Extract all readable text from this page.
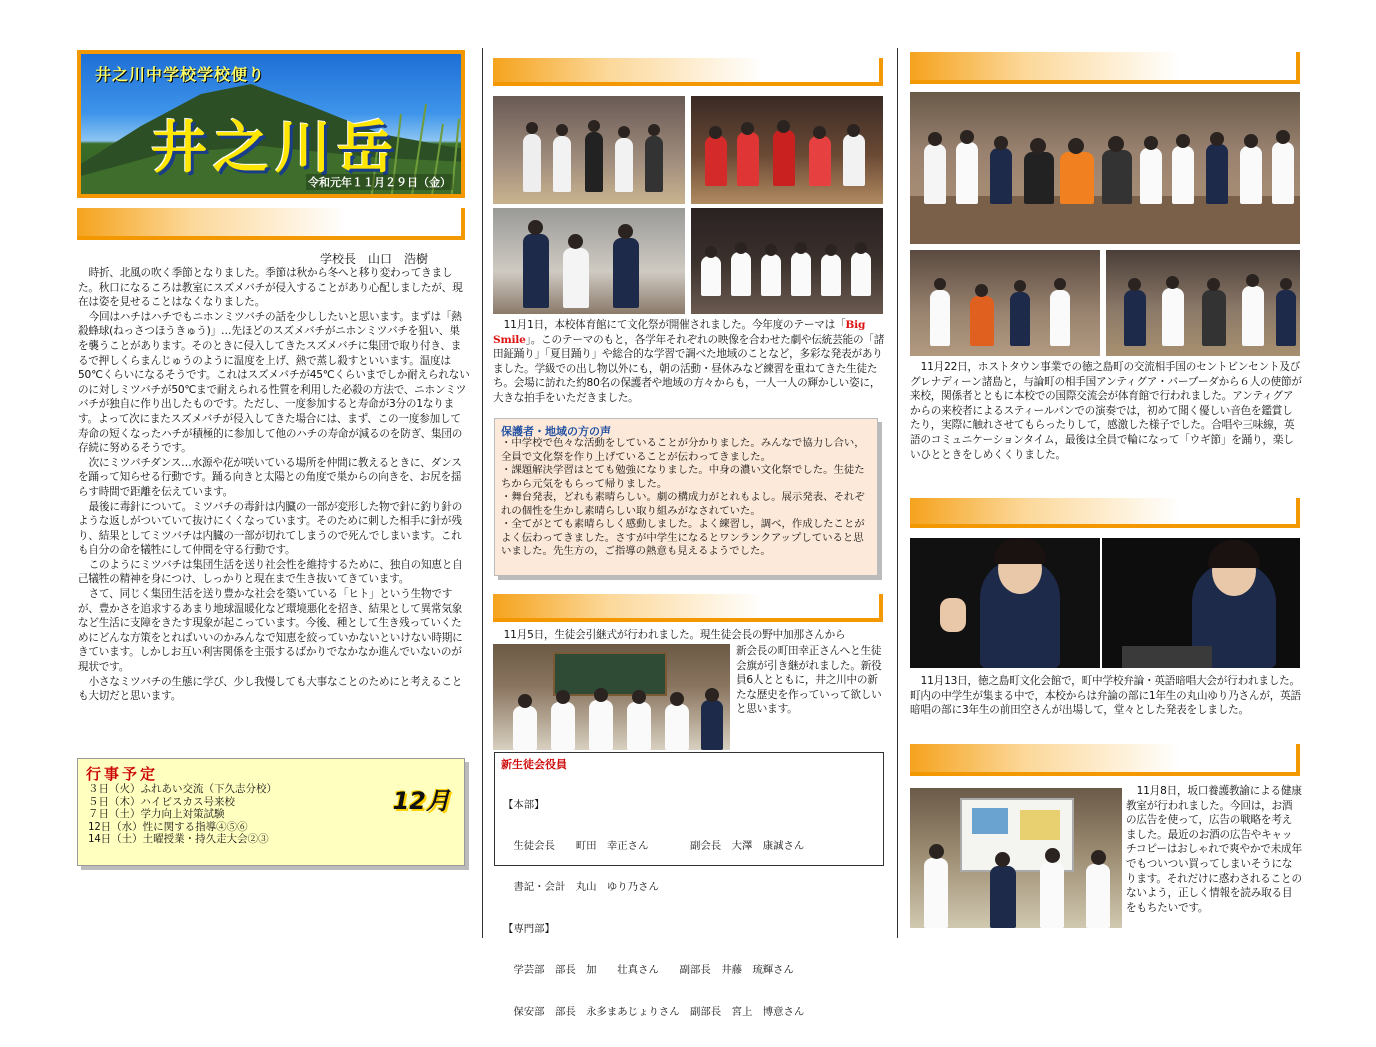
井之川中学校学校便り
井之川岳
令和元年１１月２９日（金）
学校長　山口　浩樹

時折、北風の吹く季節となりました。季節は秋から冬へと移り変わってきました。秋口になるころは教室にスズメバチが侵入することがあり心配しましたが、現在は姿を見せることはなくなりました。

今回はハチはハチでもニホンミツバチの話を少ししたいと思います。まずは「熱殺蜂球(ねっさつほうきゅう)」…先ほどのスズメバチがニホンミツバチを狙い、巣を襲うことがあります。そのときに侵入してきたスズメバチに集団で取り付き、まるで押しくらまんじゅうのように温度を上げ、熱で蒸し殺すといいます。温度は50℃くらいになるそうです。これはスズメバチが45℃くらいまでしか耐えられないのに対しミツバチが50℃まで耐えられる性質を利用した必殺の方法で、ニホンミツバチが独自に作り出したものです。ただし、一度参加すると寿命が3分の1なります。よって次にまたスズメバチが侵入してきた場合には、まず、この一度参加して寿命の短くなったハチが積極的に参加して他のハチの寿命が減るのを防ぎ、集団の存続に努めるそうです。

次にミツバチダンス…水源や花が咲いている場所を仲間に教えるときに、ダンスを踊って知らせる行動です。踊る向きと太陽との角度で巣からの向きを、お尻を揺らす時間で距離を伝えています。

最後に毒針について。ミツバチの毒針は内臓の一部が変形した物で針に釣り針のような返しがついていて抜けにくくなっています。そのために刺した相手に針が残り、結果としてミツバチは内臓の一部が切れてしまうので死んでしまいます。これも自分の命を犠牲にして仲間を守る行動です。

このようにミツバチは集団生活を送り社会性を維持するために、独自の知恵と自己犠牲の精神を身につけ、しっかりと現在まで生き抜いてきています。

さて、同じく集団生活を送り豊かな社会を築いている「ヒト」という生物ですが、豊かさを追求するあまり地球温暖化など環境悪化を招き、結果として異常気象など生活に支障をきたす現象が起こっています。今後、種として生き残っていくためにどんな方策をとればいいのかみんなで知恵を絞っていかないといけない時期にきています。しかしお互い利害関係を主張するばかりでなかなか進んでいないのが現状です。

小さなミツバチの生態に学び、少し我慢しても大事なことのためにと考えることも大切だと思います。

行事予定
３日（火）ふれあい交流（下久志分校）
５日（木）ハイビスカス号来校
７日（土）学力向上対策試験
12日（水）性に関する指導④⑤⑥
14日（土）土曜授業・持久走大会②③
12月

11月1日，本校体育館にて文化祭が開催されました。今年度のテーマは「Big Smile」。このテーマのもと，各学年それぞれの映像を合わせた劇や伝統芸能の「諸田鉦踊り」「夏目踊り」や総合的な学習で調べた地域のことなど，多彩な発表がありました。学級での出し物以外にも，朝の活動・昼休みなど練習を重ねてきた生徒たち。会場に訪れた約80名の保護者や地域の方々からも，一人一人の輝かしい姿に，大きな拍手をいただきました。

保護者・地域の方の声
・中学校で色々な活動をしていることが分かりました。みんなで協力し合い，全員で文化祭を作り上げていることが伝わってきました。
・課題解決学習はとても勉強になりました。中身の濃い文化祭でした。生徒たちから元気をもらって帰りました。
・舞台発表，どれも素晴らしい。劇の構成力がとれもよし。展示発表、それぞれの個性を生かし素晴らしい取り組みがなされていた。
・全てがとても素晴らしく感動しました。よく練習し，調べ，作成したことがよく伝わってきました。さすが中学生になるとワンランクアップしていると思いました。先生方の，ご指導の熱意も見えるようでした。
11月5日，生徒会引継式が行われました。現生徒会長の野中加那さんから
新会長の町田幸正さんへと生徒会旗が引き継がれました。新役員6人とともに，井之川中の新たな歴史を作っていって欲しいと思います。
新生徒会役員

【本部】

　生徒会長　　町田　幸正さん　　　　副会長　大澤　康誠さん

　書記・会計　丸山　ゆり乃さん

【専門部】

　学芸部　部長　加　　壮真さん　　副部長　井藤　琉輝さん

　保安部　部長　永多まあじょりさん　副部長　宮上　博意さん

11月22日，ホストタウン事業での徳之島町の交流相手国のセントビンセント及びグレナディーン諸島と，与論町の相手国アンティグア・バーブーダから６人の使節が来校，関係者とともに本校での国際交流会が体育館で行われました。アンティグアからの来校者によるスティールパンでの演奏では，初めて聞く優しい音色を鑑賞したり，実際に触れさせてもらったりして，感激した様子でした。合唱や三味線，英語のコミュニケーションタイム，最後は全員で輪になって「ウギ節」を踊り，楽しいひとときをしめくくりました。
11月13日，徳之島町文化会館で，町中学校弁論・英語暗唱大会が行われました。町内の中学生が集まる中で，本校からは弁論の部に1年生の丸山ゆり乃さんが，英語暗唱の部に3年生の前田空さんが出場して，堂々とした発表をしました。
11月8日，坂口養護教諭による健康教室が行われました。今回は，お酒の広告を使って，広告の戦略を考えました。最近のお酒の広告やキャッチコピーはおしゃれで爽やかで未成年でもついつい買ってしまいそうになります。それだけに惑わされることのないよう，正しく情報を読み取る目をもちたいです。
